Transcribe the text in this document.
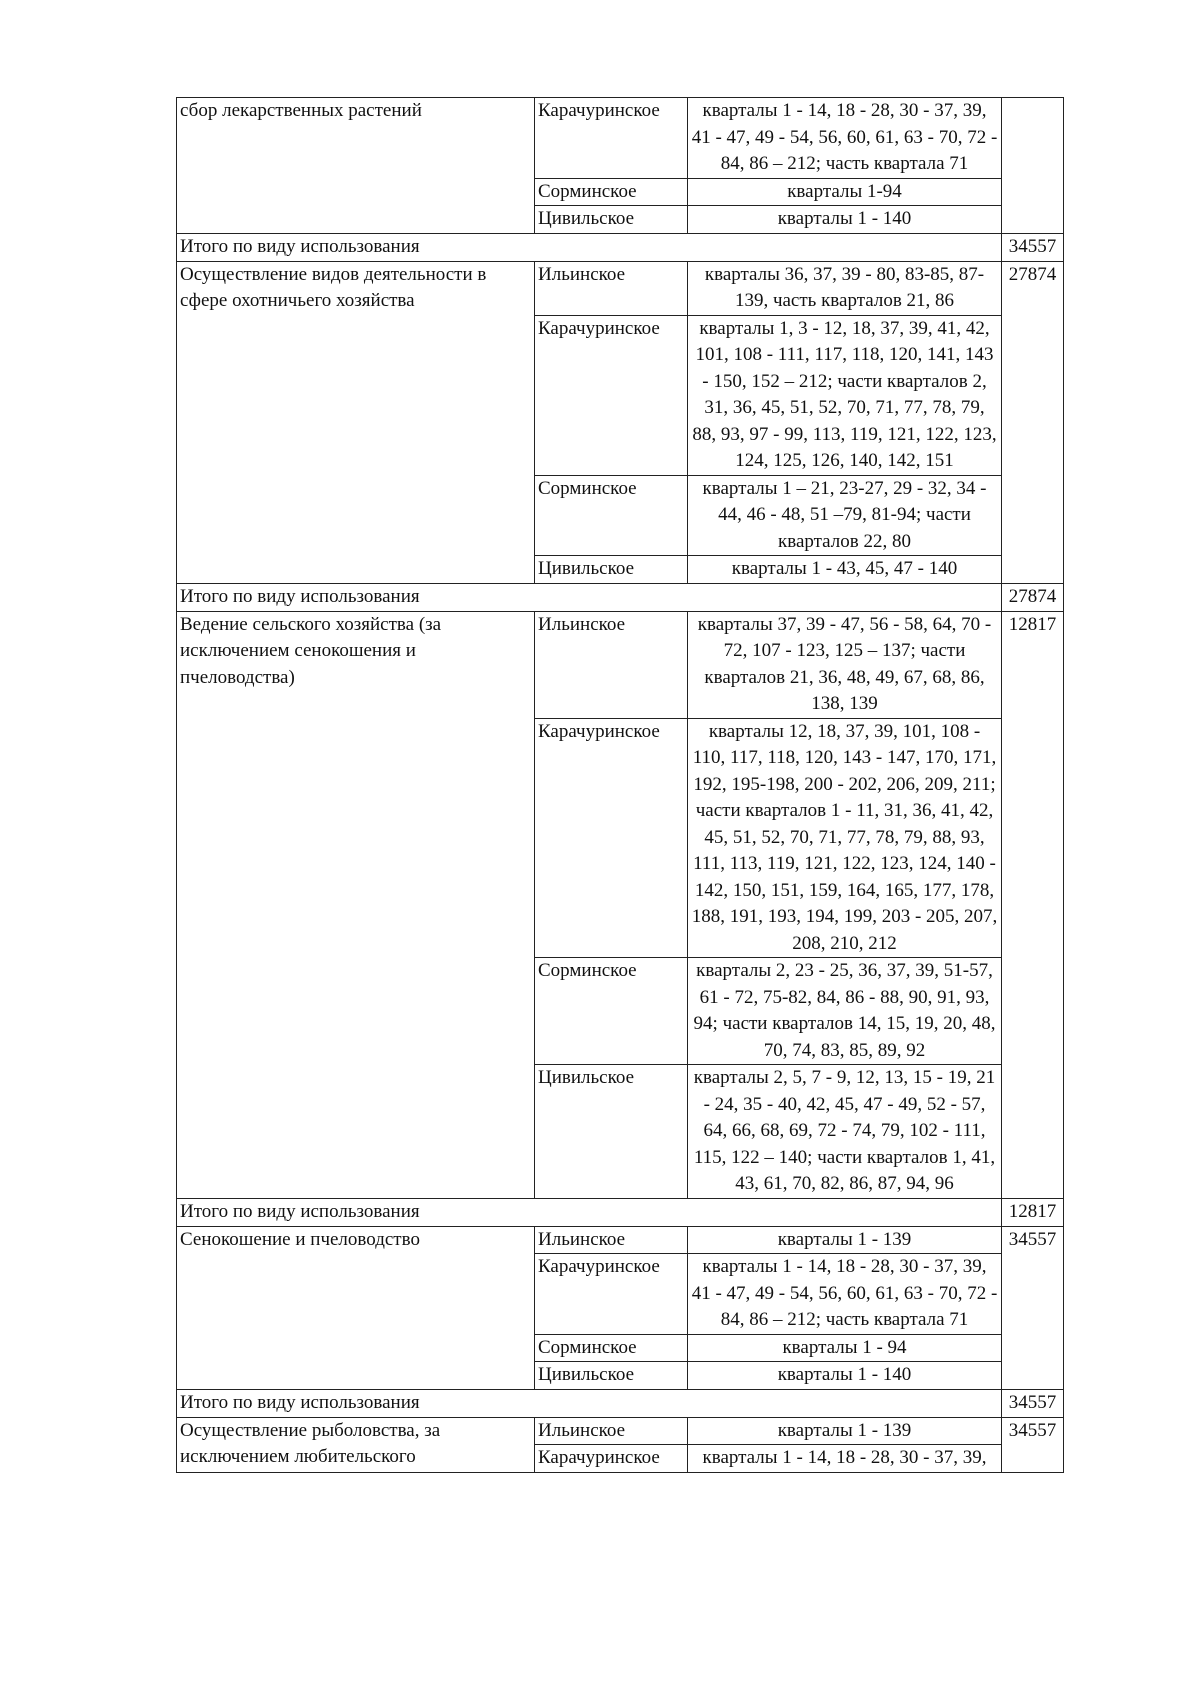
сбор лекарственных растений	Карачуринское	кварталы 1 - 14, 18 - 28, 30 - 37, 39, 41 - 47, 49 - 54, 56, 60, 61, 63 - 70, 72 - 84, 86 – 212; часть квартала 71	
	Сорминское	кварталы 1-94	
	Цивильское	кварталы 1 - 140	
Итого по виду использования			34557
Осуществление видов деятельности в сфере охотничьего хозяйства	Ильинское	кварталы 36, 37, 39 - 80, 83-85, 87- 139, часть кварталов 21, 86	27874
	Карачуринское	кварталы 1, 3 - 12, 18, 37, 39, 41, 42, 101, 108 - 111, 117, 118, 120, 141, 143 - 150, 152 – 212; части кварталов 2, 31, 36, 45, 51, 52, 70, 71, 77, 78, 79, 88, 93, 97 - 99, 113, 119, 121, 122, 123, 124, 125, 126, 140, 142, 151	
	Сорминское	кварталы 1 – 21, 23-27, 29 - 32, 34 - 44, 46 - 48, 51 –79, 81-94; части кварталов 22, 80	
	Цивильское	кварталы 1 - 43, 45, 47 - 140	
Итого по виду использования			27874
Ведение сельского хозяйства (за исключением сенокошения и пчеловодства)	Ильинское	кварталы 37, 39 - 47, 56 - 58, 64, 70 - 72, 107 - 123, 125 – 137; части кварталов 21, 36, 48, 49, 67, 68, 86, 138, 139	12817
	Карачуринское	кварталы 12, 18, 37, 39, 101, 108 - 110, 117, 118, 120, 143 - 147, 170, 171, 192, 195-198, 200 - 202, 206, 209, 211; части кварталов 1 - 11, 31, 36, 41, 42, 45, 51, 52, 70, 71, 77, 78, 79, 88, 93, 111, 113, 119, 121, 122, 123, 124, 140 - 142, 150, 151, 159, 164, 165, 177, 178, 188, 191, 193, 194, 199, 203 - 205, 207, 208, 210, 212	
	Сорминское	кварталы 2, 23 - 25, 36, 37, 39, 51-57, 61 - 72, 75-82, 84, 86 - 88, 90, 91, 93, 94; части кварталов 14, 15, 19, 20, 48, 70, 74, 83, 85, 89, 92	
	Цивильское	кварталы 2, 5, 7 - 9, 12, 13, 15 - 19, 21 - 24, 35 - 40, 42, 45, 47 - 49, 52 - 57, 64, 66, 68, 69, 72 - 74, 79, 102 - 111, 115, 122 – 140; части кварталов 1, 41, 43, 61, 70, 82, 86, 87, 94, 96	
Итого по виду использования			12817
Сенокошение и пчеловодство	Ильинское	кварталы 1 - 139	34557
	Карачуринское	кварталы 1 - 14, 18 - 28, 30 - 37, 39, 41 - 47, 49 - 54, 56, 60, 61, 63 - 70, 72 - 84, 86 – 212; часть квартала 71	
	Сорминское	кварталы 1 - 94	
	Цивильское	кварталы 1 - 140	
Итого по виду использования			34557
Осуществление рыболовства, за исключением любительского	Ильинское	кварталы 1 - 139	34557
	Карачуринское	кварталы 1 - 14, 18 - 28, 30 - 37, 39,	
